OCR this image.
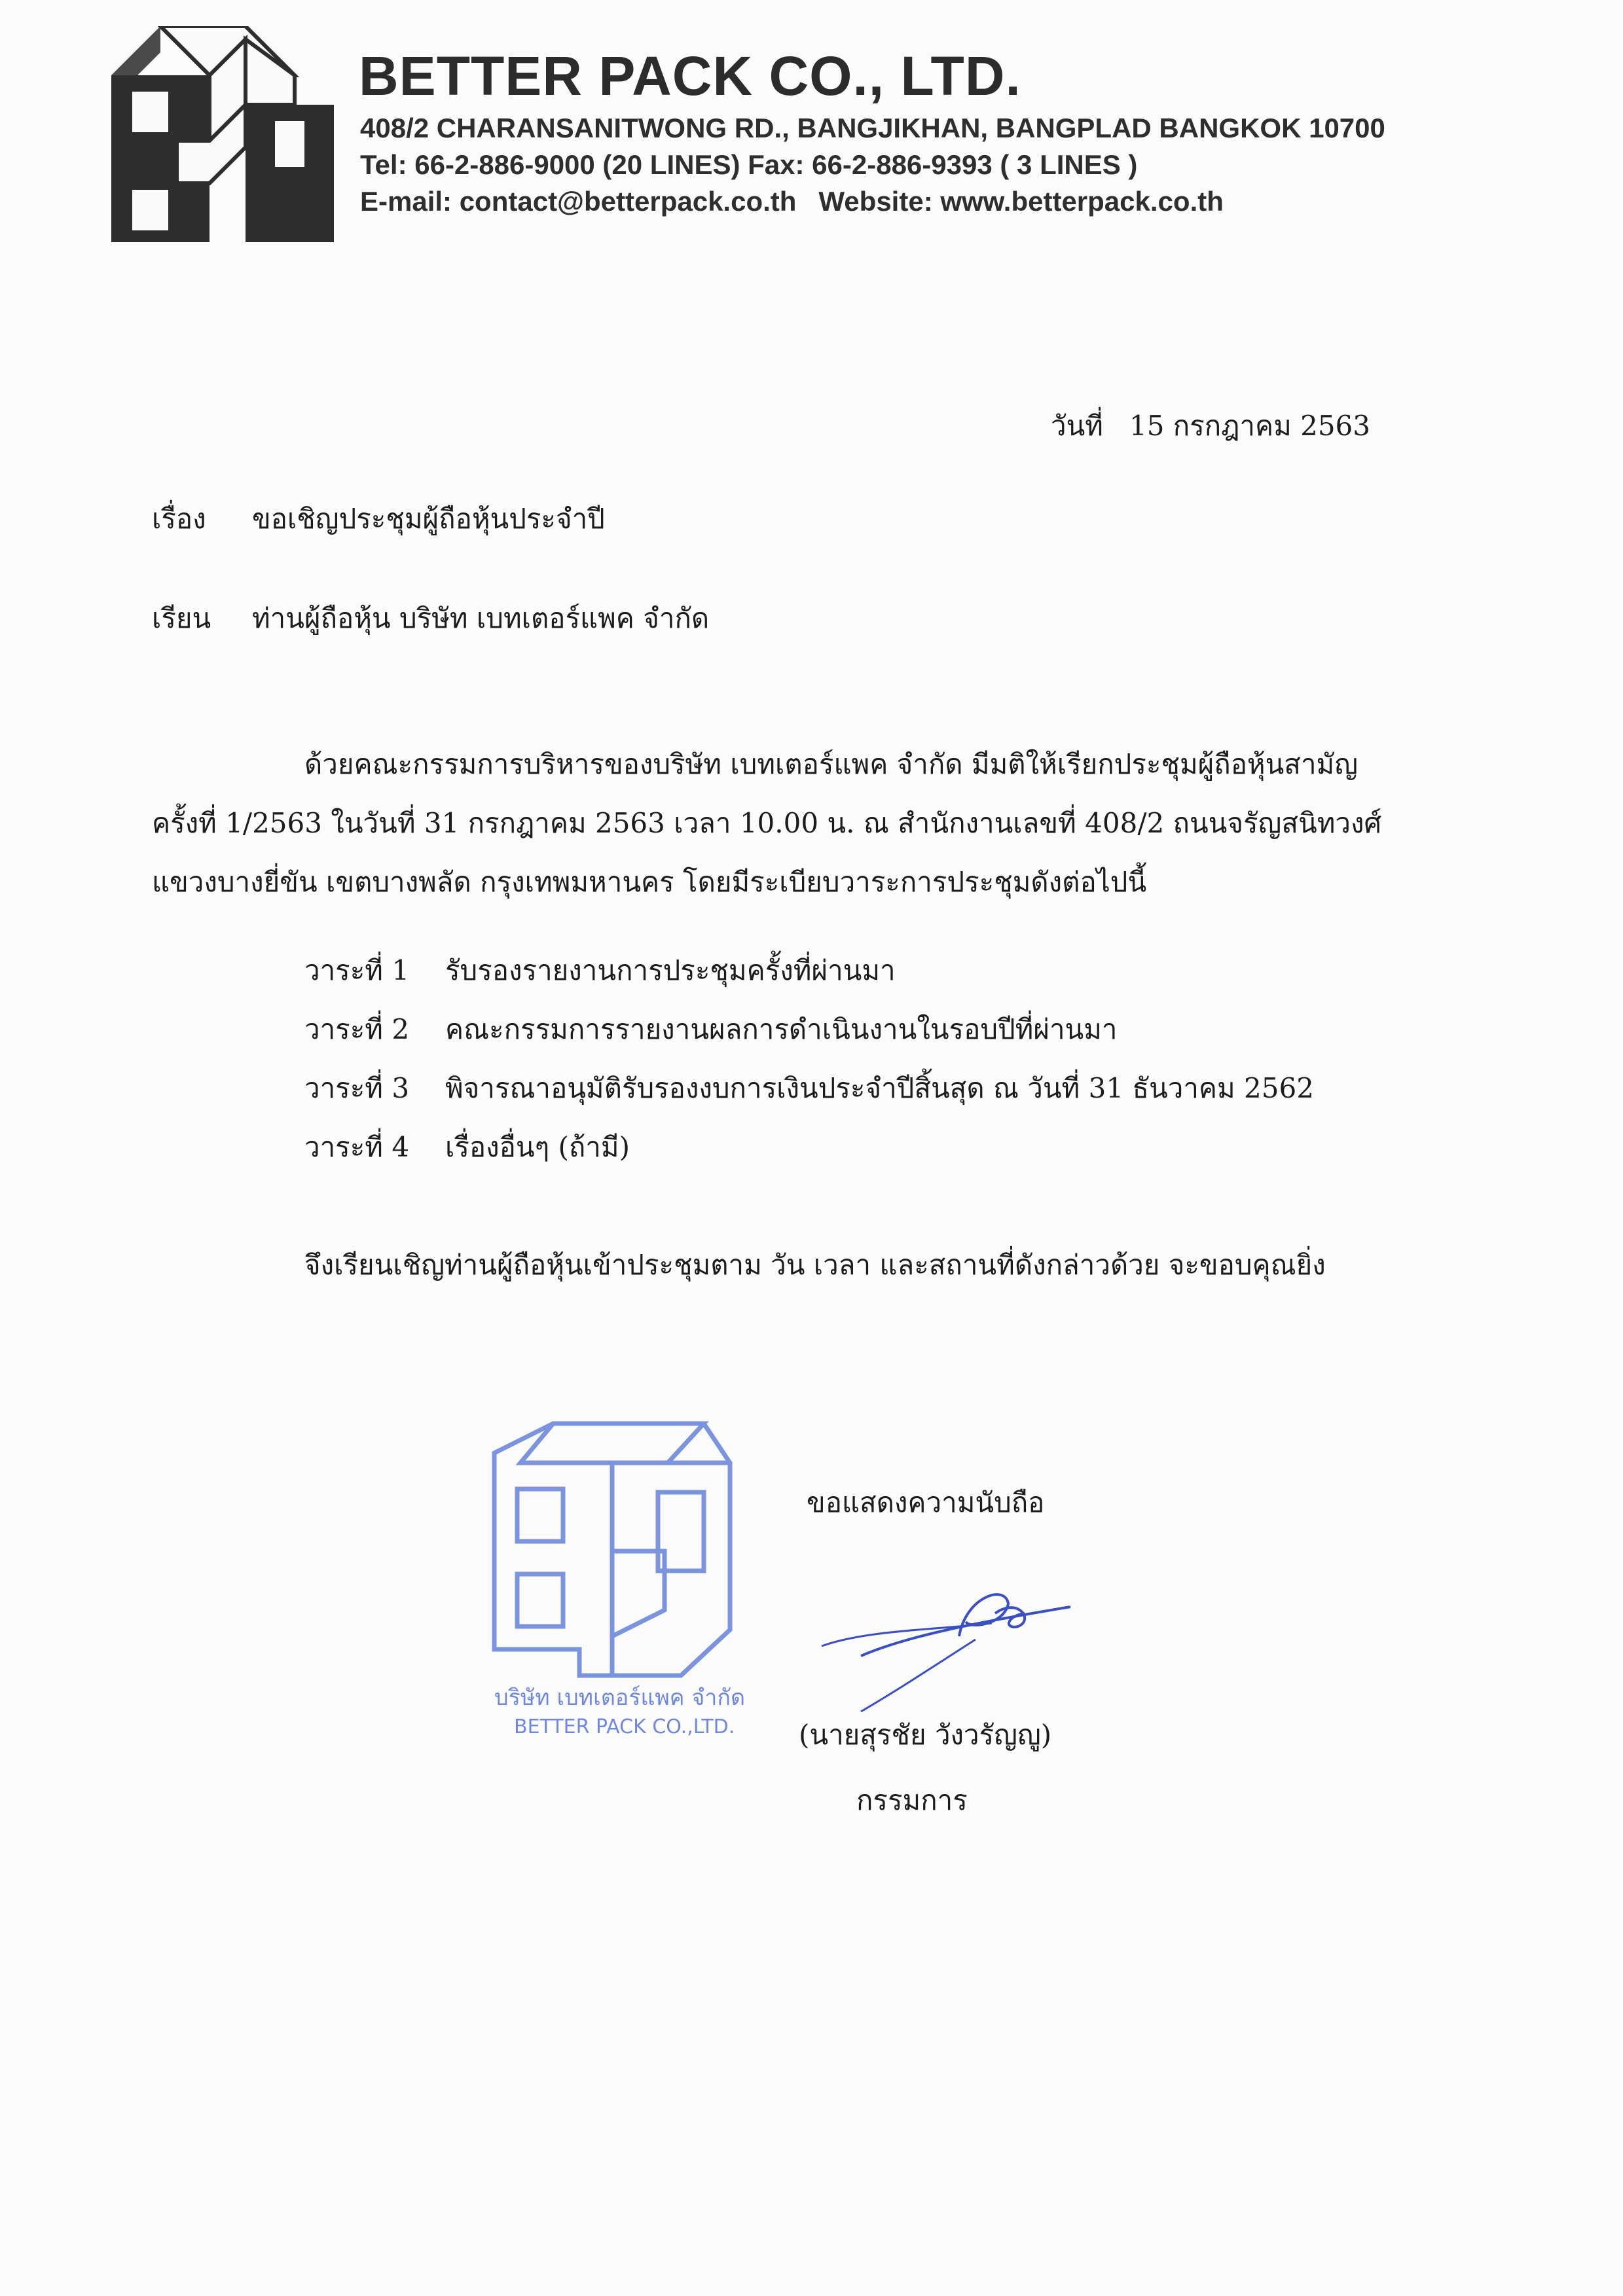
BETTER PACK CO., LTD.
408/2 CHARANSANITWONG RD., BANGJIKHAN, BANGPLAD BANGKOK 10700
Tel: 66-2-886-9000 (20 LINES) Fax: 66-2-886-9393 ( 3 LINES )
E-mail: contact@betterpack.co.th Website: www.betterpack.co.th
วันที่ 15 กรกฎาคม 2563
เรื่อง ขอเชิญประชุมผู้ถือหุ้นประจำปี
เรียน ท่านผู้ถือหุ้น บริษัท เบทเตอร์แพค จำกัด
ด้วยคณะกรรมการบริหารของบริษัท เบทเตอร์แพค จำกัด มีมติให้เรียกประชุมผู้ถือหุ้นสามัญ
ครั้งที่ 1/2563 ในวันที่ 31 กรกฎาคม 2563 เวลา 10.00 น. ณ สำนักงานเลขที่ 408/2 ถนนจรัญสนิทวงศ์
แขวงบางยี่ขัน เขตบางพลัด กรุงเทพมหานคร โดยมีระเบียบวาระการประชุมดังต่อไปนี้
วาระที่ 1 รับรองรายงานการประชุมครั้งที่ผ่านมา
วาระที่ 2 คณะกรรมการรายงานผลการดำเนินงานในรอบปีที่ผ่านมา
วาระที่ 3 พิจารณาอนุมัติรับรองงบการเงินประจำปีสิ้นสุด ณ วันที่ 31 ธันวาคม 2562
วาระที่ 4 เรื่องอื่นๆ (ถ้ามี)
จึงเรียนเชิญท่านผู้ถือหุ้นเข้าประชุมตาม วัน เวลา และสถานที่ดังกล่าวด้วย จะขอบคุณยิ่ง
บริษัท เบทเตอร์แพค จำกัด
BETTER PACK CO.,LTD.
ขอแสดงความนับถือ
(นายสุรชัย วังวรัญญู)
กรรมการ
